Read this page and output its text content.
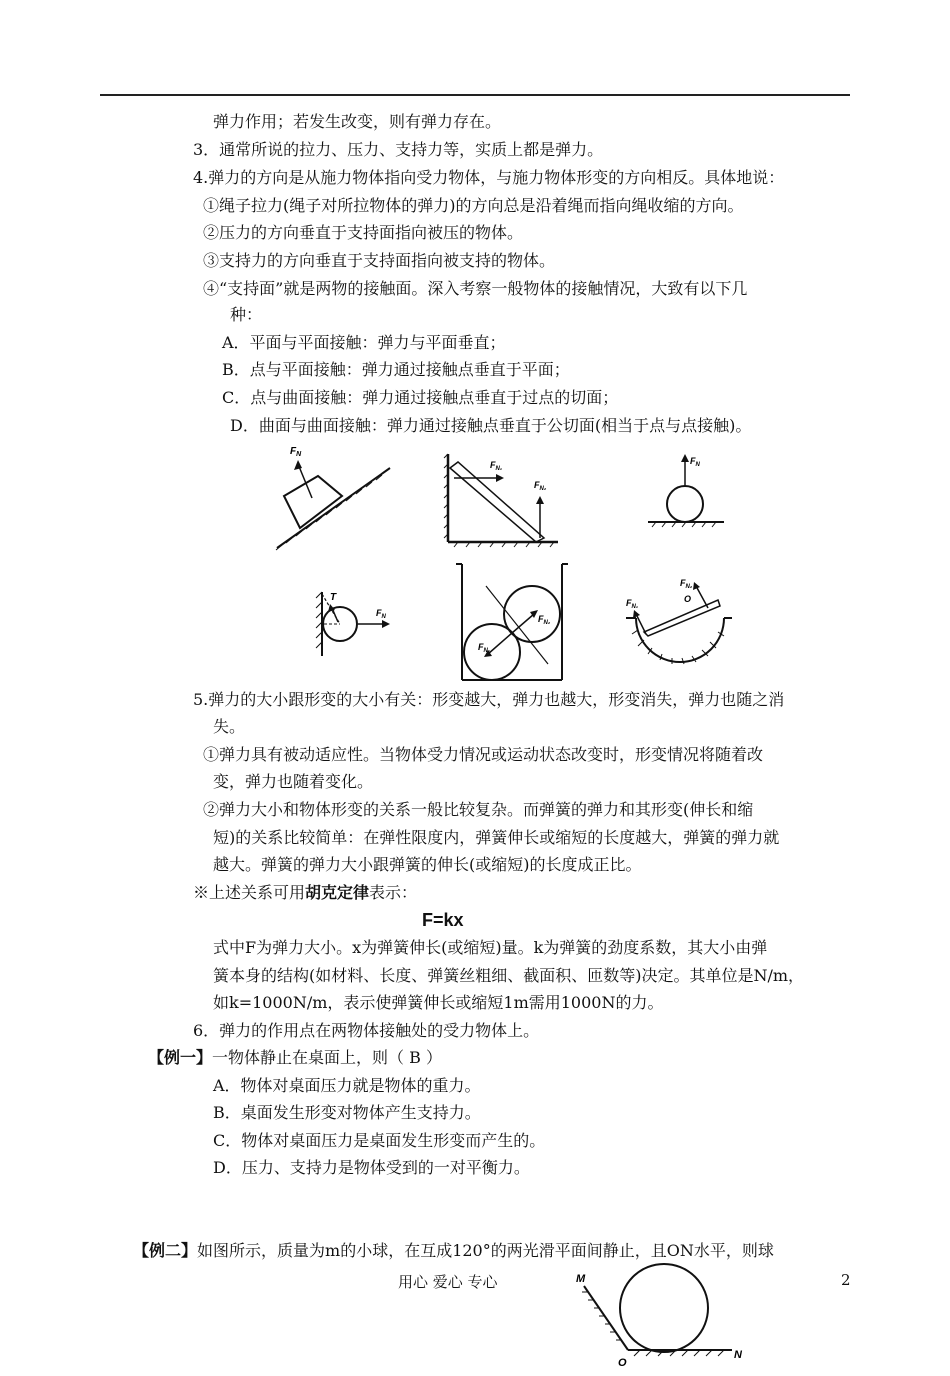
弹力作用；若发生改变，则有弹力存在。
3．通常所说的拉力、压力、支持力等，实质上都是弹力。
4.弹力的方向是从施力物体指向受力物体，与施力物体形变的方向相反。具体地说：
①绳子拉力(绳子对所拉物体的弹力)的方向总是沿着绳而指向绳收缩的方向。
②压力的方向垂直于支持面指向被压的物体。
③支持力的方向垂直于支持面指向被支持的物体。
④“支持面”就是两物的接触面。深入考察一般物体的接触情况，大致有以下几
种：
A．平面与平面接触：弹力与平面垂直；
B．点与平面接触：弹力通过接触点垂直于平面；
C．点与曲面接触：弹力通过接触点垂直于过点的切面；
D．曲面与曲面接触：弹力通过接触点垂直于公切面(相当于点与点接触)。
$F_N$
$F_{N_1}$
$F_{N_2}$
$F_N$
T
$F_N$	$F_{N_2}$
$F_{N_1}$
$F_{N_1}$
$F_{N_2}$
O
5.弹力的大小跟形变的大小有关：形变越大，弹力也越大，形变消失，弹力也随之消
失。
①弹力具有被动适应性。当物体受力情况或运动状态改变时，形变情况将随着改
变，弹力也随着变化。
②弹力大小和物体形变的关系一般比较复杂。而弹簧的弹力和其形变(伸长和缩
短)的关系比较简单：在弹性限度内，弹簧伸长或缩短的长度越大，弹簧的弹力就
越大。弹簧的弹力大小跟弹簧的伸长(或缩短)的长度成正比。
※上述关系可用胡克定律表示：
F=kx
式中F为弹力大小。x为弹簧伸长(或缩短)量。k为弹簧的劲度系数，其大小由弹
簧本身的结构(如材料、长度、弹簧丝粗细、截面积、匝数等)决定。其单位是N/m，
如k=1000N/m，表示使弹簧伸长或缩短1m需用1000N的力。
6．弹力的作用点在两物体接触处的受力物体上。
【例一】一物体静止在桌面上，则（ B ）
A．物体对桌面压力就是物体的重力。
B．桌面发生形变对物体产生支持力。
C．物体对桌面压力是桌面发生形变而产生的。
D．压力、支持力是物体受到的一对平衡力。
【例二】如图所示，质量为m的小球，在互成120°的两光滑平面间静止，且ON水平，则球
用心 爱心 专心	2
M
O
N
